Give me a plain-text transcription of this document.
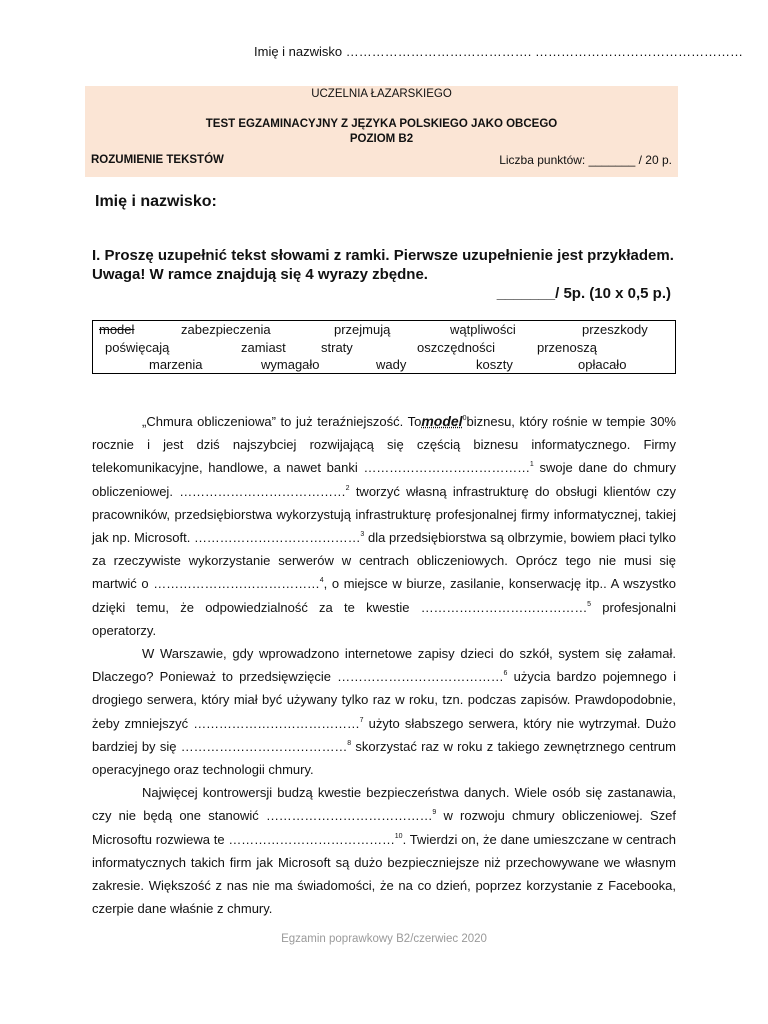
Imię i nazwisko ……………………………………. …………………………………………
UCZELNIA ŁAZARSKIEGO
TEST EGZAMINACYJNY Z JĘZYKA POLSKIEGO JAKO OBCEGO
POZIOM B2
ROZUMIENIE TEKSTÓW	Liczba punktów: _______ / 20 p.
Imię i nazwisko:
I. Proszę uzupełnić tekst słowami z ramki. Pierwsze uzupełnienie jest przykładem.
Uwaga! W ramce znajdują się 4 wyrazy zbędne.
_______/ 5p. (10 x 0,5 p.)
model	zabezpieczenia	przejmują	wątpliwości	przeszkody
poświęcają	zamiast	straty	oszczędności	przenoszą
marzenia	wymagało	wady	koszty	opłacało

„Chmura obliczeniowa” to już teraźniejszość. Tomodel$^0$biznesu, który rośnie w tempie 30% rocznie i jest dziś najszybciej rozwijającą się częścią biznesu informatycznego. Firmy telekomunikacyjne, handlowe, a nawet banki …………………………………$^1$ swoje dane do chmury obliczeniowej. …………………………………$^2$ tworzyć własną infrastrukturę do obsługi klientów czy pracowników, przedsiębiorstwa wykorzystują infrastrukturę profesjonalnej firmy informatycznej, takiej jak np. Microsoft. …………………………………$^3$ dla przedsiębiorstwa są olbrzymie, bowiem płaci tylko za rzeczywiste wykorzystanie serwerów w centrach obliczeniowych. Oprócz tego nie musi się martwić o …………………………………$^4$, o miejsce w biurze, zasilanie, konserwację itp.. A wszystko dzięki temu, że odpowiedzialność za te kwestie …………………………………$^5$ profesjonalni operatorzy.

W Warszawie, gdy wprowadzono internetowe zapisy dzieci do szkół, system się załamał. Dlaczego? Ponieważ to przedsięwzięcie …………………………………$^6$ użycia bardzo pojemnego i drogiego serwera, który miał być używany tylko raz w roku, tzn. podczas zapisów. Prawdopodobnie, żeby zmniejszyć …………………………………$^7$ użyto słabszego serwera, który nie wytrzymał. Dużo bardziej by się …………………………………$^8$ skorzystać raz w roku z takiego zewnętrznego centrum operacyjnego oraz technologii chmury.

Najwięcej kontrowersji budzą kwestie bezpieczeństwa danych. Wiele osób się zastanawia, czy nie będą one stanowić …………………………………$^9$ w rozwoju chmury obliczeniowej. Szef Microsoftu rozwiewa te …………………………………$^{10}$. Twierdzi on, że dane umieszczane w centrach informatycznych takich firm jak Microsoft są dużo bezpieczniejsze niż przechowywane we własnym zakresie. Większość z nas nie ma świadomości, że na co dzień, poprzez korzystanie z Facebooka, czerpie dane właśnie z chmury.

Egzamin poprawkowy B2/czerwiec 2020
